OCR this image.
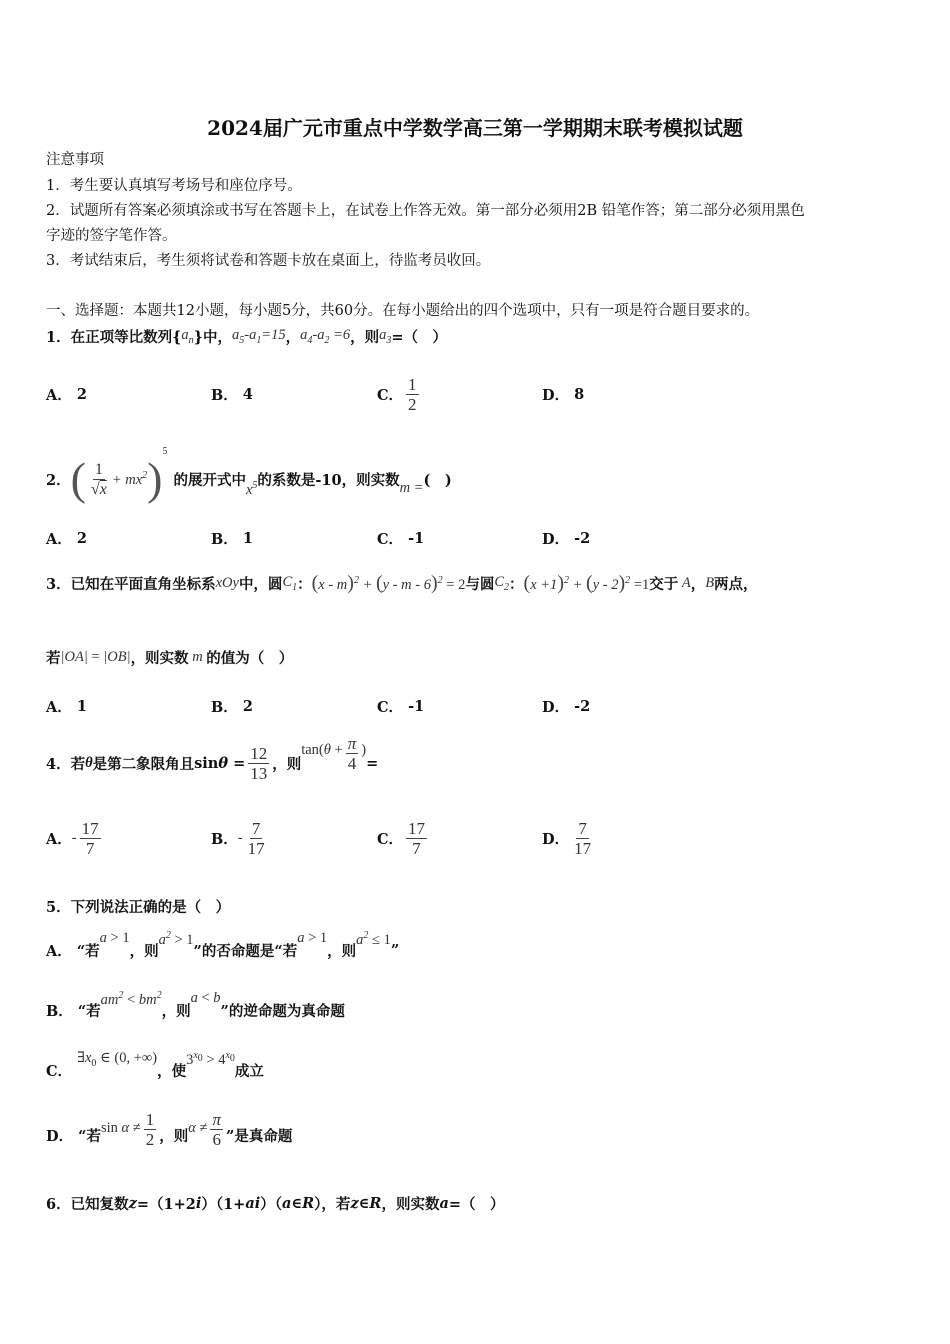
2024届广元市重点中学数学高三第一学期期末联考模拟试题
注意事项
1．考生要认真填写考场号和座位序号。
2．试题所有答案必须填涂或书写在答题卡上，在试卷上作答无效。第一部分必须用2B 铅笔作答；第二部分必须用黑色
字迹的签字笔作答。
3．考试结束后，考生须将试卷和答题卡放在桌面上，待监考员收回。
一、选择题：本题共12小题，每小题5分，共60分。在每小题给出的四个选项中，只有一项是符合题目要求的。
1．在正项等比数列{ $a_n$ }中， $a_5-a_1=15$ ， $a_4-a_2 =6$ ，则 $a_3$ =（　）
A．
2	B．
4	C． $\frac{1}{2}$	D．
8
2． ( $\frac{1}{√x} + mx^2$ )
5
的展开式中
$x^5$ 的系数是-10，则实数 m = (　)
A．
2	B．
1	C．
-1	D．
-2
3．已知在平面直角坐标系 xOy 中，圆 $C_1$ ： (x - m)$^2$ + (y - m - 6)$^2$ = 2 与圆 $C_2$ ： $(x +1)^2 + (y - 2)^2 =1$ 交于 A ， B 两点，
若 |OA| = |OB| ，则实数 m 的值为（　）
A．
1	B．
2	C．
-1	D．
-2
4．若 θ 是第二象限角且 $\sin\theta = \frac{12}{13}$ ，则
$\tan(\theta + \frac{\pi}{4}$ )
=
A． - $\frac{17}{7}$	B． - $\frac{7}{17}$	C． $\frac{17}{7}$	D． $\frac{7}{17}$
5．下列说法正确的是（　）
A．
“若
a > 1
，则
$a^2 > 1$
”的否命题是“若
a > 1
，则
$a^2 \le 1$
”
B．
“若
$am^2 < bm^2$
，则
a < b
”的逆命题为真命题
C．

$\exists x_0$ ∈ (0, +∞)
，使
$3^{x_0} > 4^{x_0}$
成立
D．
“若 $\sin \alpha \ne \frac{1}{2}$ ，则 $\alpha \ne \frac{\pi}{6}$ ”是真命题
6．已知复数 z =（1+2 i ）（1+ ai ）（ a ∈ R ），若 z ∈ R ，则实数 a =（　）
